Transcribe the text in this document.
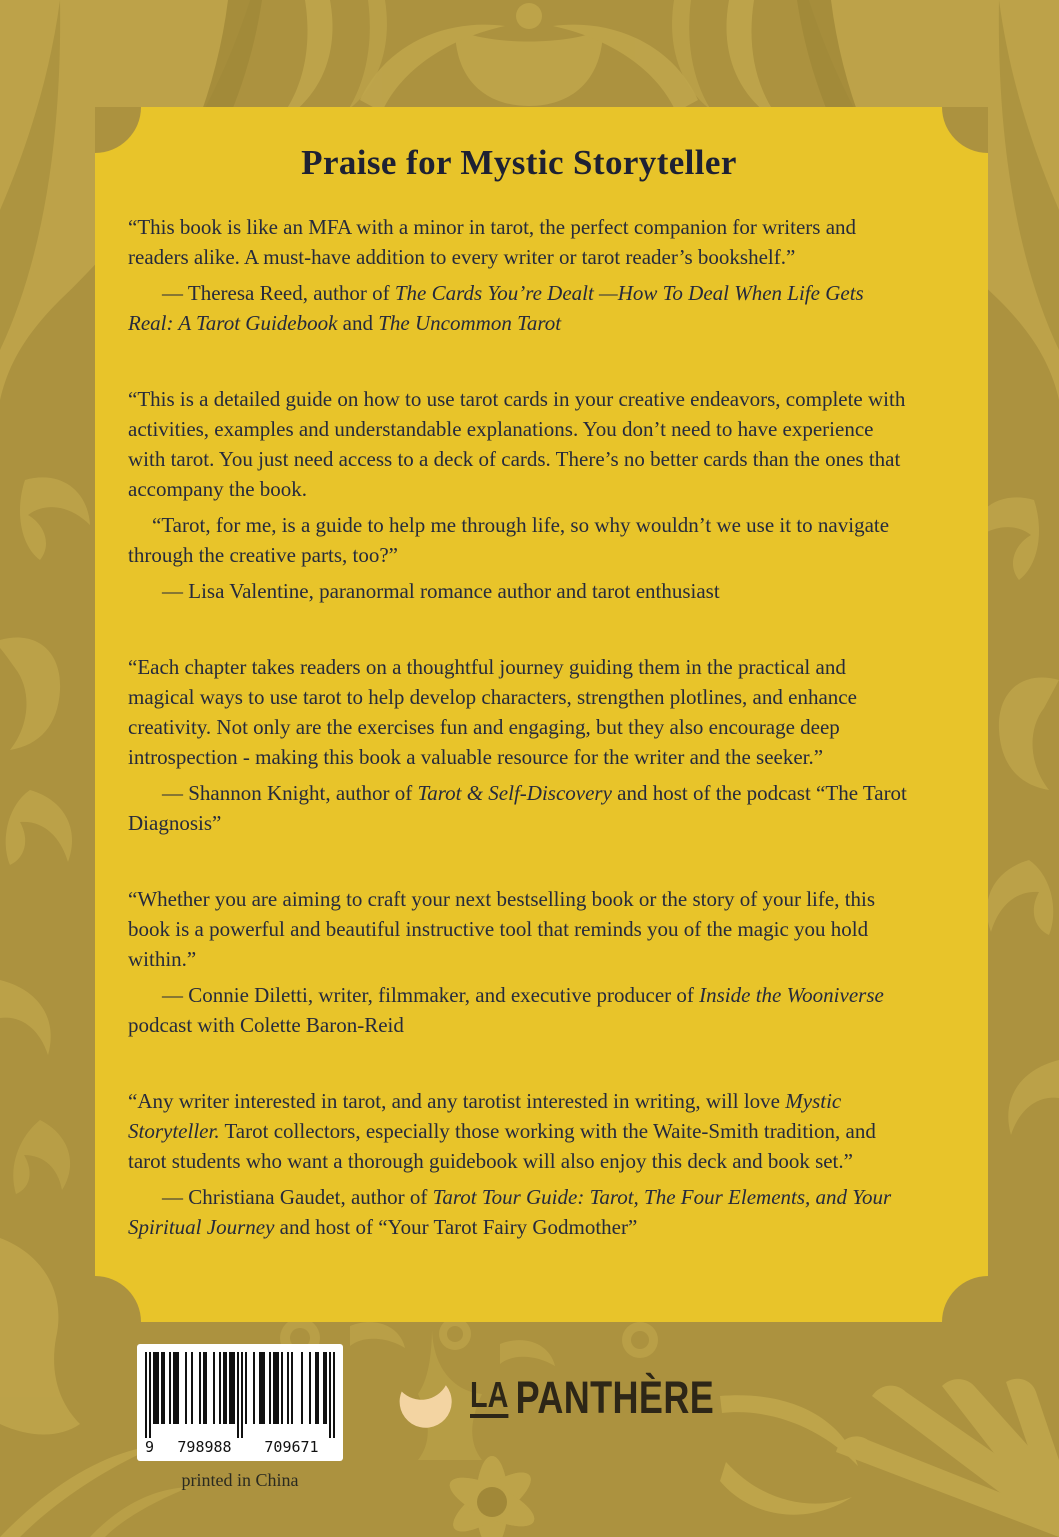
Praise for Mystic Storyteller

“This book is like an MFA with a minor in tarot, the perfect companion for writers and readers alike. A must-have addition to every writer or tarot reader’s bookshelf.”

— Theresa Reed, author of The Cards You’re Dealt —How To Deal When Life Gets Real: A Tarot Guidebook and The Uncommon Tarot

“This is a detailed guide on how to use tarot cards in your creative endeavors, complete with activities, examples and understandable explanations. You don’t need to have experience with tarot. You just need access to a deck of cards. There’s no better cards than the ones that accompany the book.

“Tarot, for me, is a guide to help me through life, so why wouldn’t we use it to navigate through the creative parts, too?”

— Lisa Valentine, paranormal romance author and tarot enthusiast

“Each chapter takes readers on a thoughtful journey guiding them in the practical and magical ways to use tarot to help develop characters, strengthen plotlines, and enhance creativity. Not only are the exercises fun and engaging, but they also encourage deep introspection - making this book a valuable resource for the writer and the seeker.”

— Shannon Knight, author of Tarot & Self-Discovery and host of the podcast “The Tarot Diagnosis”

“Whether you are aiming to craft your next bestselling book or the story of your life, this book is a powerful and beautiful instructive tool that reminds you of the magic you hold within.”

— Connie Diletti, writer, filmmaker, and executive producer of Inside the Wooniverse podcast with Colette Baron-Reid

“Any writer interested in tarot, and any tarotist interested in writing, will love Mystic Storyteller. Tarot collectors, especially those working with the Waite-Smith tradition, and tarot students who want a thorough guidebook will also enjoy this deck and book set.”

— Christiana Gaudet, author of Tarot Tour Guide: Tarot, The Four Elements, and Your Spiritual Journey and host of “Your Tarot Fairy Godmother”

9	798988	709671
printed in China
LA PANTHÈRE
